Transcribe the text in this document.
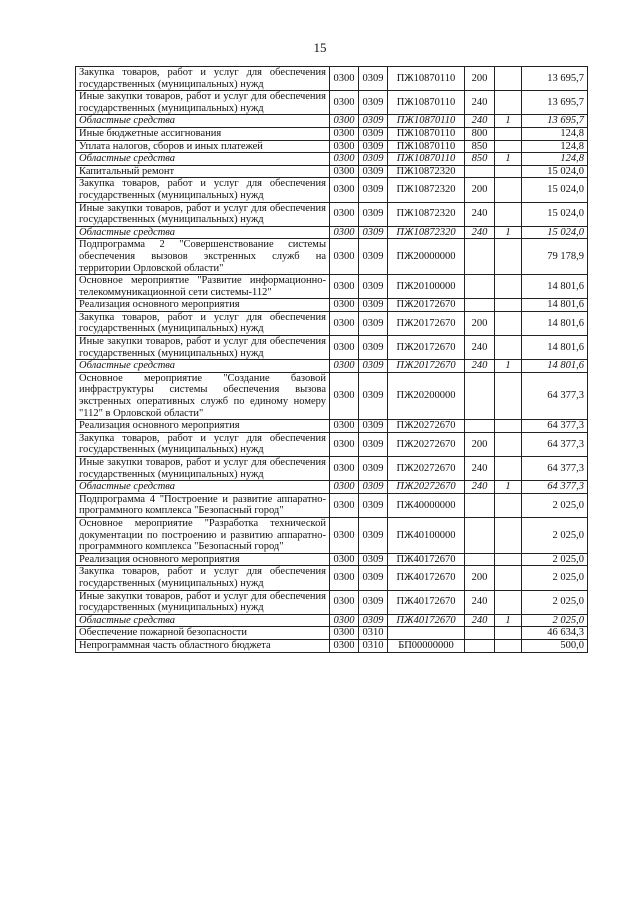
15
Закупка товаров, работ и услуг для обеспечения государственных (муниципальных) нужд	0300	0309	ПЖ10870110	200		13 695,7
Иные закупки товаров, работ и услуг для обеспечения государственных (муниципальных) нужд	0300	0309	ПЖ10870110	240		13 695,7
Областные средства	0300	0309	ПЖ10870110	240	1	13 695,7
Иные бюджетные ассигнования	0300	0309	ПЖ10870110	800		124,8
Уплата налогов, сборов и иных платежей	0300	0309	ПЖ10870110	850		124,8
Областные средства	0300	0309	ПЖ10870110	850	1	124,8
Капитальный ремонт	0300	0309	ПЖ10872320			15 024,0
Закупка товаров, работ и услуг для обеспечения государственных (муниципальных) нужд	0300	0309	ПЖ10872320	200		15 024,0
Иные закупки товаров, работ и услуг для обеспечения государственных (муниципальных) нужд	0300	0309	ПЖ10872320	240		15 024,0
Областные средства	0300	0309	ПЖ10872320	240	1	15 024,0
Подпрограмма 2 "Совершенствование системы обеспечения вызовов экстренных служб на территории Орловской области"	0300	0309	ПЖ20000000			79 178,9
Основное мероприятие "Развитие информационно-телекоммуникационной сети системы-112"	0300	0309	ПЖ20100000			14 801,6
Реализация основного мероприятия	0300	0309	ПЖ20172670			14 801,6
Закупка товаров, работ и услуг для обеспечения государственных (муниципальных) нужд	0300	0309	ПЖ20172670	200		14 801,6
Иные закупки товаров, работ и услуг для обеспечения государственных (муниципальных) нужд	0300	0309	ПЖ20172670	240		14 801,6
Областные средства	0300	0309	ПЖ20172670	240	1	14 801,6
Основное мероприятие "Создание базовой инфраструктуры системы обеспечения вызова экстренных оперативных служб по единому номеру "112" в Орловской области"	0300	0309	ПЖ20200000			64 377,3
Реализация основного мероприятия	0300	0309	ПЖ20272670			64 377,3
Закупка товаров, работ и услуг для обеспечения государственных (муниципальных) нужд	0300	0309	ПЖ20272670	200		64 377,3
Иные закупки товаров, работ и услуг для обеспечения государственных (муниципальных) нужд	0300	0309	ПЖ20272670	240		64 377,3
Областные средства	0300	0309	ПЖ20272670	240	1	64 377,3
Подпрограмма 4 "Построение и развитие аппаратно-программного комплекса "Безопасный город"	0300	0309	ПЖ40000000			2 025,0
Основное мероприятие "Разработка технической документации по построению и развитию аппаратно-программного комплекса "Безопасный город"	0300	0309	ПЖ40100000			2 025,0
Реализация основного мероприятия	0300	0309	ПЖ40172670			2 025,0
Закупка товаров, работ и услуг для обеспечения государственных (муниципальных) нужд	0300	0309	ПЖ40172670	200		2 025,0
Иные закупки товаров, работ и услуг для обеспечения государственных (муниципальных) нужд	0300	0309	ПЖ40172670	240		2 025,0
Областные средства	0300	0309	ПЖ40172670	240	1	2 025,0
Обеспечение пожарной безопасности	0300	0310				46 634,3
Непрограммная часть областного бюджета	0300	0310	БП00000000			500,0
